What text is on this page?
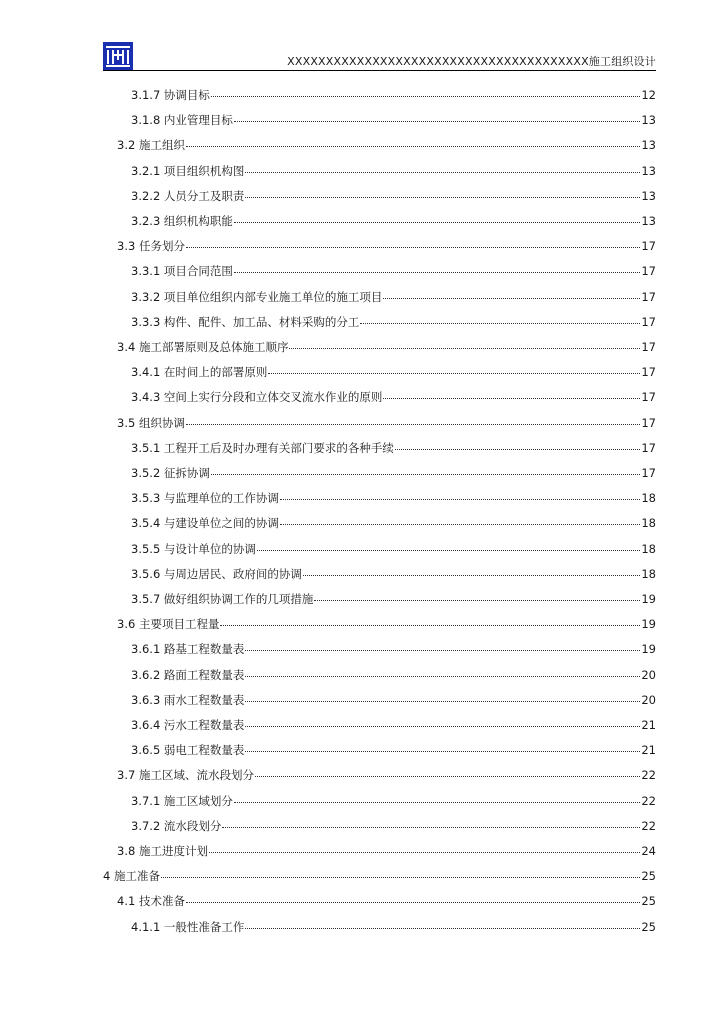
XXXXXXXXXXXXXXXXXXXXXXXXXXXXXXXXXXXXXXX施工组织设计
3.1.7 协调目标	12
3.1.8 内业管理目标	13
3.2 施工组织	13
3.2.1 项目组织机构图	13
3.2.2 人员分工及职责	13
3.2.3 组织机构职能	13
3.3 任务划分	17
3.3.1 项目合同范围	17
3.3.2 项目单位组织内部专业施工单位的施工项目	17
3.3.3 构件、配件、加工品、材料采购的分工	17
3.4 施工部署原则及总体施工顺序	17
3.4.1 在时间上的部署原则	17
3.4.3 空间上实行分段和立体交叉流水作业的原则	17
3.5 组织协调	17
3.5.1 工程开工后及时办理有关部门要求的各种手续	17
3.5.2 征拆协调	17
3.5.3 与监理单位的工作协调	18
3.5.4 与建设单位之间的协调	18
3.5.5 与设计单位的协调	18
3.5.6 与周边居民、政府间的协调	18
3.5.7 做好组织协调工作的几项措施	19
3.6 主要项目工程量	19
3.6.1 路基工程数量表	19
3.6.2 路面工程数量表	20
3.6.3 雨水工程数量表	20
3.6.4 污水工程数量表	21
3.6.5 弱电工程数量表	21
3.7 施工区域、流水段划分	22
3.7.1 施工区域划分	22
3.7.2 流水段划分	22
3.8 施工进度计划	24
4 施工准备	25
4.1 技术准备	25
4.1.1 一般性准备工作	25
